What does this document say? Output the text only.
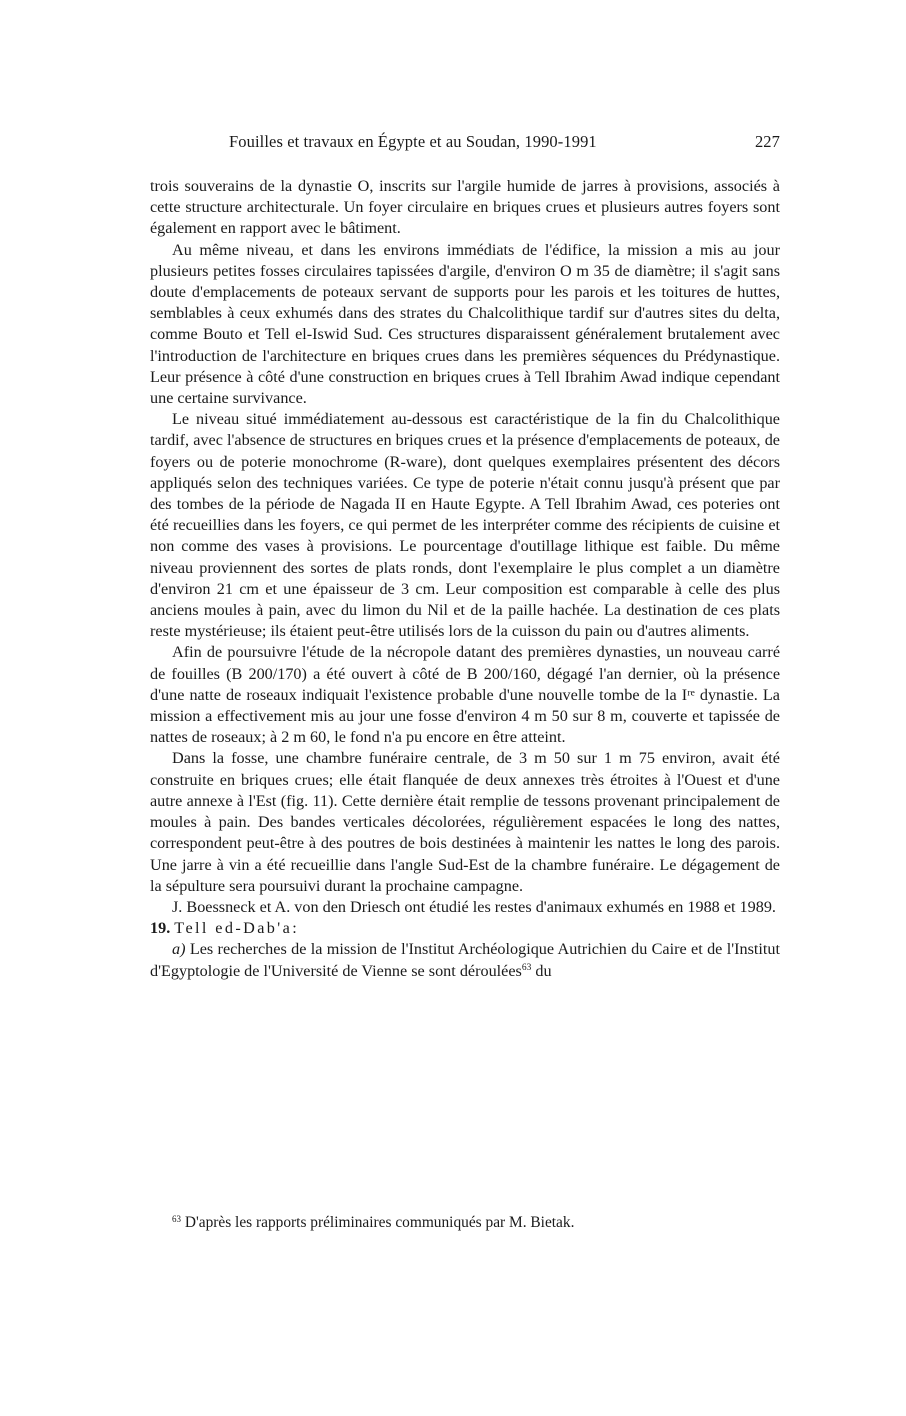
Fouilles et travaux en Égypte et au Soudan, 1990-1991	227

trois souverains de la dynastie O, inscrits sur l'argile humide de jarres à provisions, associés à cette structure architecturale. Un foyer circulaire en briques crues et plusieurs autres foyers sont également en rapport avec le bâtiment.

Au même niveau, et dans les environs immédiats de l'édifice, la mission a mis au jour plusieurs petites fosses circulaires tapissées d'argile, d'environ O m 35 de diamètre; il s'agit sans doute d'emplacements de poteaux servant de supports pour les parois et les toitures de huttes, semblables à ceux exhumés dans des strates du Chalcolithique tardif sur d'autres sites du delta, comme Bouto et Tell el-Iswid Sud. Ces structures disparaissent généralement brutalement avec l'introduction de l'architecture en briques crues dans les premières séquences du Prédynastique. Leur présence à côté d'une construction en briques crues à Tell Ibrahim Awad indique cependant une certaine survivance.

Le niveau situé immédiatement au-dessous est caractéristique de la fin du Chalcolithique tardif, avec l'absence de structures en briques crues et la présence d'emplacements de poteaux, de foyers ou de poterie monochrome (R-ware), dont quelques exemplaires présentent des décors appliqués selon des techniques variées. Ce type de poterie n'était connu jusqu'à présent que par des tombes de la période de Nagada II en Haute Egypte. A Tell Ibrahim Awad, ces poteries ont été recueillies dans les foyers, ce qui permet de les interpréter comme des récipients de cuisine et non comme des vases à provisions. Le pourcentage d'outillage lithique est faible. Du même niveau proviennent des sortes de plats ronds, dont l'exemplaire le plus complet a un diamètre d'environ 21 cm et une épaisseur de 3 cm. Leur composition est comparable à celle des plus anciens moules à pain, avec du limon du Nil et de la paille hachée. La destination de ces plats reste mystérieuse; ils étaient peut-être utilisés lors de la cuisson du pain ou d'autres aliments.

Afin de poursuivre l'étude de la nécropole datant des premières dynasties, un nouveau carré de fouilles (B 200/170) a été ouvert à côté de B 200/160, dégagé l'an dernier, où la présence d'une natte de roseaux indiquait l'existence probable d'une nouvelle tombe de la Iʳᵉ dynastie. La mission a effectivement mis au jour une fosse d'environ 4 m 50 sur 8 m, couverte et tapissée de nattes de roseaux; à 2 m 60, le fond n'a pu encore en être atteint.

Dans la fosse, une chambre funéraire centrale, de 3 m 50 sur 1 m 75 environ, avait été construite en briques crues; elle était flanquée de deux annexes très étroites à l'Ouest et d'une autre annexe à l'Est (fig. 11). Cette dernière était remplie de tessons provenant principalement de moules à pain. Des bandes verticales décolorées, régulièrement espacées le long des nattes, correspondent peut-être à des poutres de bois destinées à maintenir les nattes le long des parois. Une jarre à vin a été recueillie dans l'angle Sud-Est de la chambre funéraire. Le dégagement de la sépulture sera poursuivi durant la prochaine campagne.

J. Boessneck et A. von den Driesch ont étudié les restes d'animaux exhumés en 1988 et 1989.

19. Tell ed-Dab'a:

a) Les recherches de la mission de l'Institut Archéologique Autrichien du Caire et de l'Institut d'Egyptologie de l'Université de Vienne se sont déroulées$^{63}$ du

$^{63}$ D'après les rapports préliminaires communiqués par M. Bietak.
